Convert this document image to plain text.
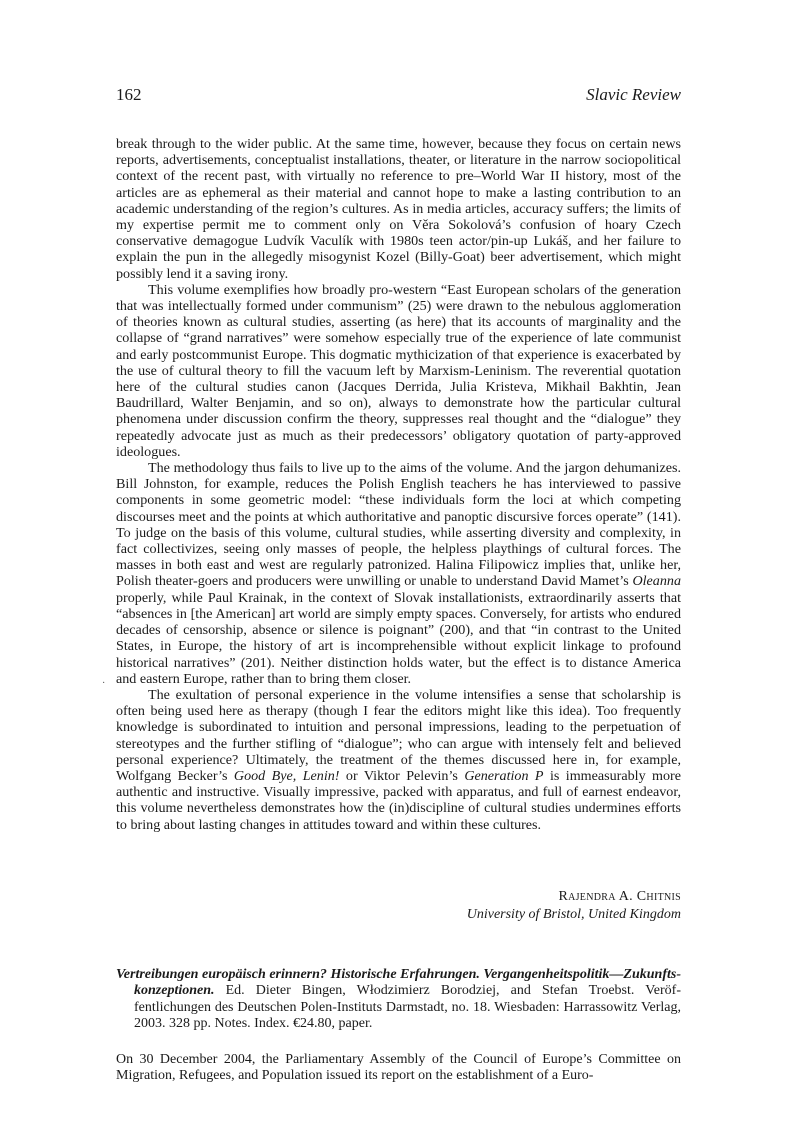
162	Slavic Review
·

break through to the wider public. At the same time, however, because they focus on certain news reports, advertisements, conceptualist installations, theater, or literature in the narrow sociopolitical context of the recent past, with virtually no reference to pre–World War II history, most of the articles are as ephemeral as their material and cannot hope to make a lasting contribution to an academic understanding of the region’s cultures. As in media articles, accuracy suffers; the limits of my expertise permit me to comment only on Věra Sokolová’s confusion of hoary Czech conservative demagogue Ludvík Vaculík with 1980s teen actor/pin-up Lukáš, and her failure to explain the pun in the allegedly misogynist Kozel (Billy-Goat) beer advertisement, which might possibly lend it a saving irony.

This volume exemplifies how broadly pro-western “East European scholars of the generation that was intellectually formed under communism” (25) were drawn to the nebulous agglomeration of theories known as cultural studies, asserting (as here) that its accounts of marginality and the collapse of “grand narratives” were somehow especially true of the experience of late communist and early postcommunist Europe. This dogmatic mythicization of that experience is exacerbated by the use of cultural theory to fill the vacuum left by Marxism-Leninism. The reverential quotation here of the cultural studies canon (Jacques Derrida, Julia Kristeva, Mikhail Bakhtin, Jean Baudrillard, Walter Benjamin, and so on), always to demonstrate how the particular cultural phenomena under discussion confirm the theory, suppresses real thought and the “dialogue” they repeatedly advocate just as much as their predecessors’ obligatory quotation of party-approved ideologues.

The methodology thus fails to live up to the aims of the volume. And the jargon dehumanizes. Bill Johnston, for example, reduces the Polish English teachers he has interviewed to passive components in some geometric model: “these individuals form the loci at which competing discourses meet and the points at which authoritative and panoptic discursive forces operate” (141). To judge on the basis of this volume, cultural studies, while asserting diversity and complexity, in fact collectivizes, seeing only masses of people, the helpless playthings of cultural forces. The masses in both east and west are regularly patronized. Halina Filipowicz implies that, unlike her, Polish theater-goers and producers were unwilling or unable to understand David Mamet’s Oleanna properly, while Paul Krainak, in the context of Slovak installationists, extraordinarily asserts that “absences in [the American] art world are simply empty spaces. Conversely, for artists who endured decades of censorship, absence or silence is poignant” (200), and that “in contrast to the United States, in Europe, the history of art is incomprehensible without explicit linkage to profound historical narratives” (201). Neither distinction holds water, but the effect is to distance America and eastern Europe, rather than to bring them closer.

The exultation of personal experience in the volume intensifies a sense that scholarship is often being used here as therapy (though I fear the editors might like this idea). Too frequently knowledge is subordinated to intuition and personal impressions, leading to the perpetuation of stereotypes and the further stifling of “dialogue”; who can argue with intensely felt and believed personal experience? Ultimately, the treatment of the themes discussed here in, for example, Wolfgang Becker’s Good Bye, Lenin! or Viktor Pelevin’s Generation P is immeasurably more authentic and instructive. Visually impressive, packed with apparatus, and full of earnest endeavor, this volume nevertheless demonstrates how the (in)discipline of cultural studies undermines efforts to bring about lasting changes in attitudes toward and within these cultures.

Rajendra A. Chitnis
University of Bristol, United Kingdom

Vertreibungen europäisch erinnern? Historische Erfahrungen. Vergangenheitspolitik—Zukunftskonzeptionen. Ed. Dieter Bingen, Włodzimierz Borodziej, and Stefan Troebst. Veröffentlichungen des Deutschen Polen-Instituts Darmstadt, no. 18. Wiesbaden: Harrassowitz Verlag, 2003. 328 pp. Notes. Index. €24.80, paper.

On 30 December 2004, the Parliamentary Assembly of the Council of Europe’s Committee on Migration, Refugees, and Population issued its report on the establishment of a Euro-
